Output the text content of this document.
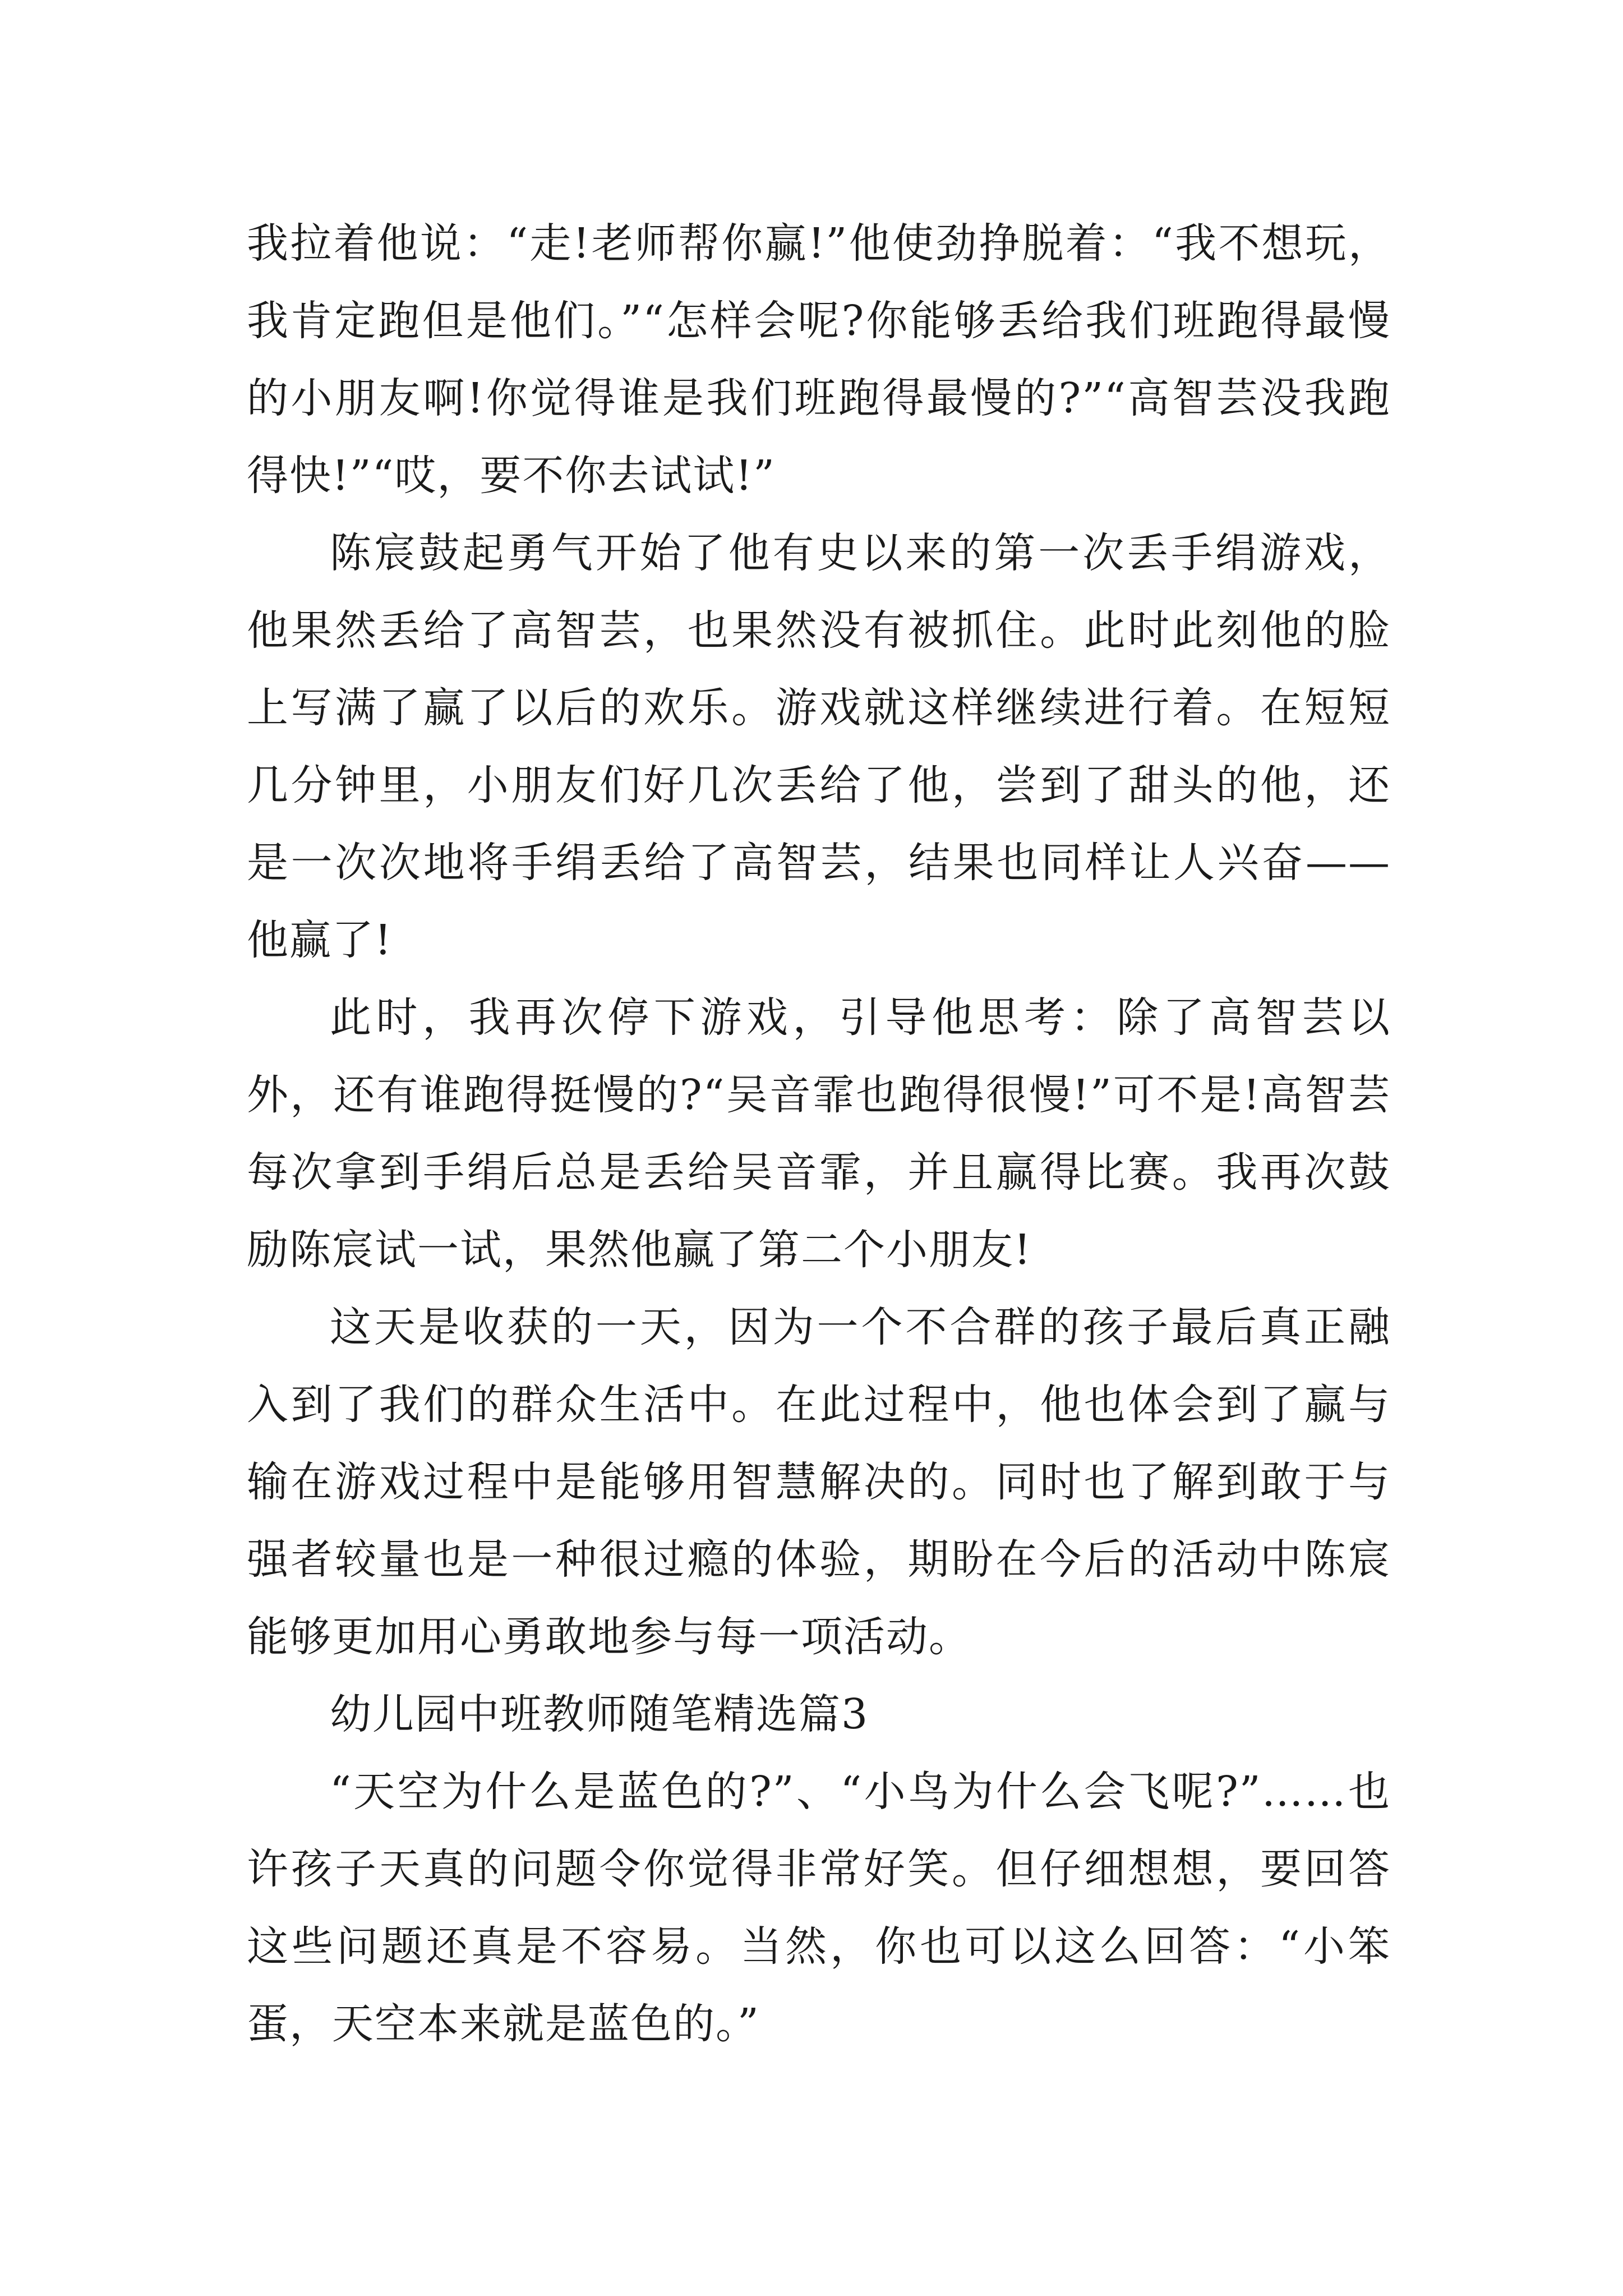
我拉着他说：“走!老师帮你赢!”他使劲挣脱着：“我不想玩，我肯定跑但是他们。”“怎样会呢?你能够丢给我们班跑得最慢的小朋友啊!你觉得谁是我们班跑得最慢的?”“高智芸没我跑得快!”“哎，要不你去试试!”

陈宸鼓起勇气开始了他有史以来的第一次丢手绢游戏，他果然丢给了高智芸，也果然没有被抓住。此时此刻他的脸上写满了赢了以后的欢乐。游戏就这样继续进行着。在短短几分钟里，小朋友们好几次丢给了他，尝到了甜头的他，还是一次次地将手绢丢给了高智芸，结果也同样让人兴奋——他赢了!

此时，我再次停下游戏，引导他思考：除了高智芸以外，还有谁跑得挺慢的?“吴音霏也跑得很慢!”可不是!高智芸每次拿到手绢后总是丢给吴音霏，并且赢得比赛。我再次鼓励陈宸试一试，果然他赢了第二个小朋友!

这天是收获的一天，因为一个不合群的孩子最后真正融入到了我们的群众生活中。在此过程中，他也体会到了赢与输在游戏过程中是能够用智慧解决的。同时也了解到敢于与强者较量也是一种很过瘾的体验，期盼在今后的活动中陈宸能够更加用心勇敢地参与每一项活动。

幼儿园中班教师随笔精选篇3

“天空为什么是蓝色的?”、“小鸟为什么会飞呢?”……也许孩子天真的问题令你觉得非常好笑。但仔细想想，要回答这些问题还真是不容易。当然，你也可以这么回答：“小笨蛋，天空本来就是蓝色的。”
